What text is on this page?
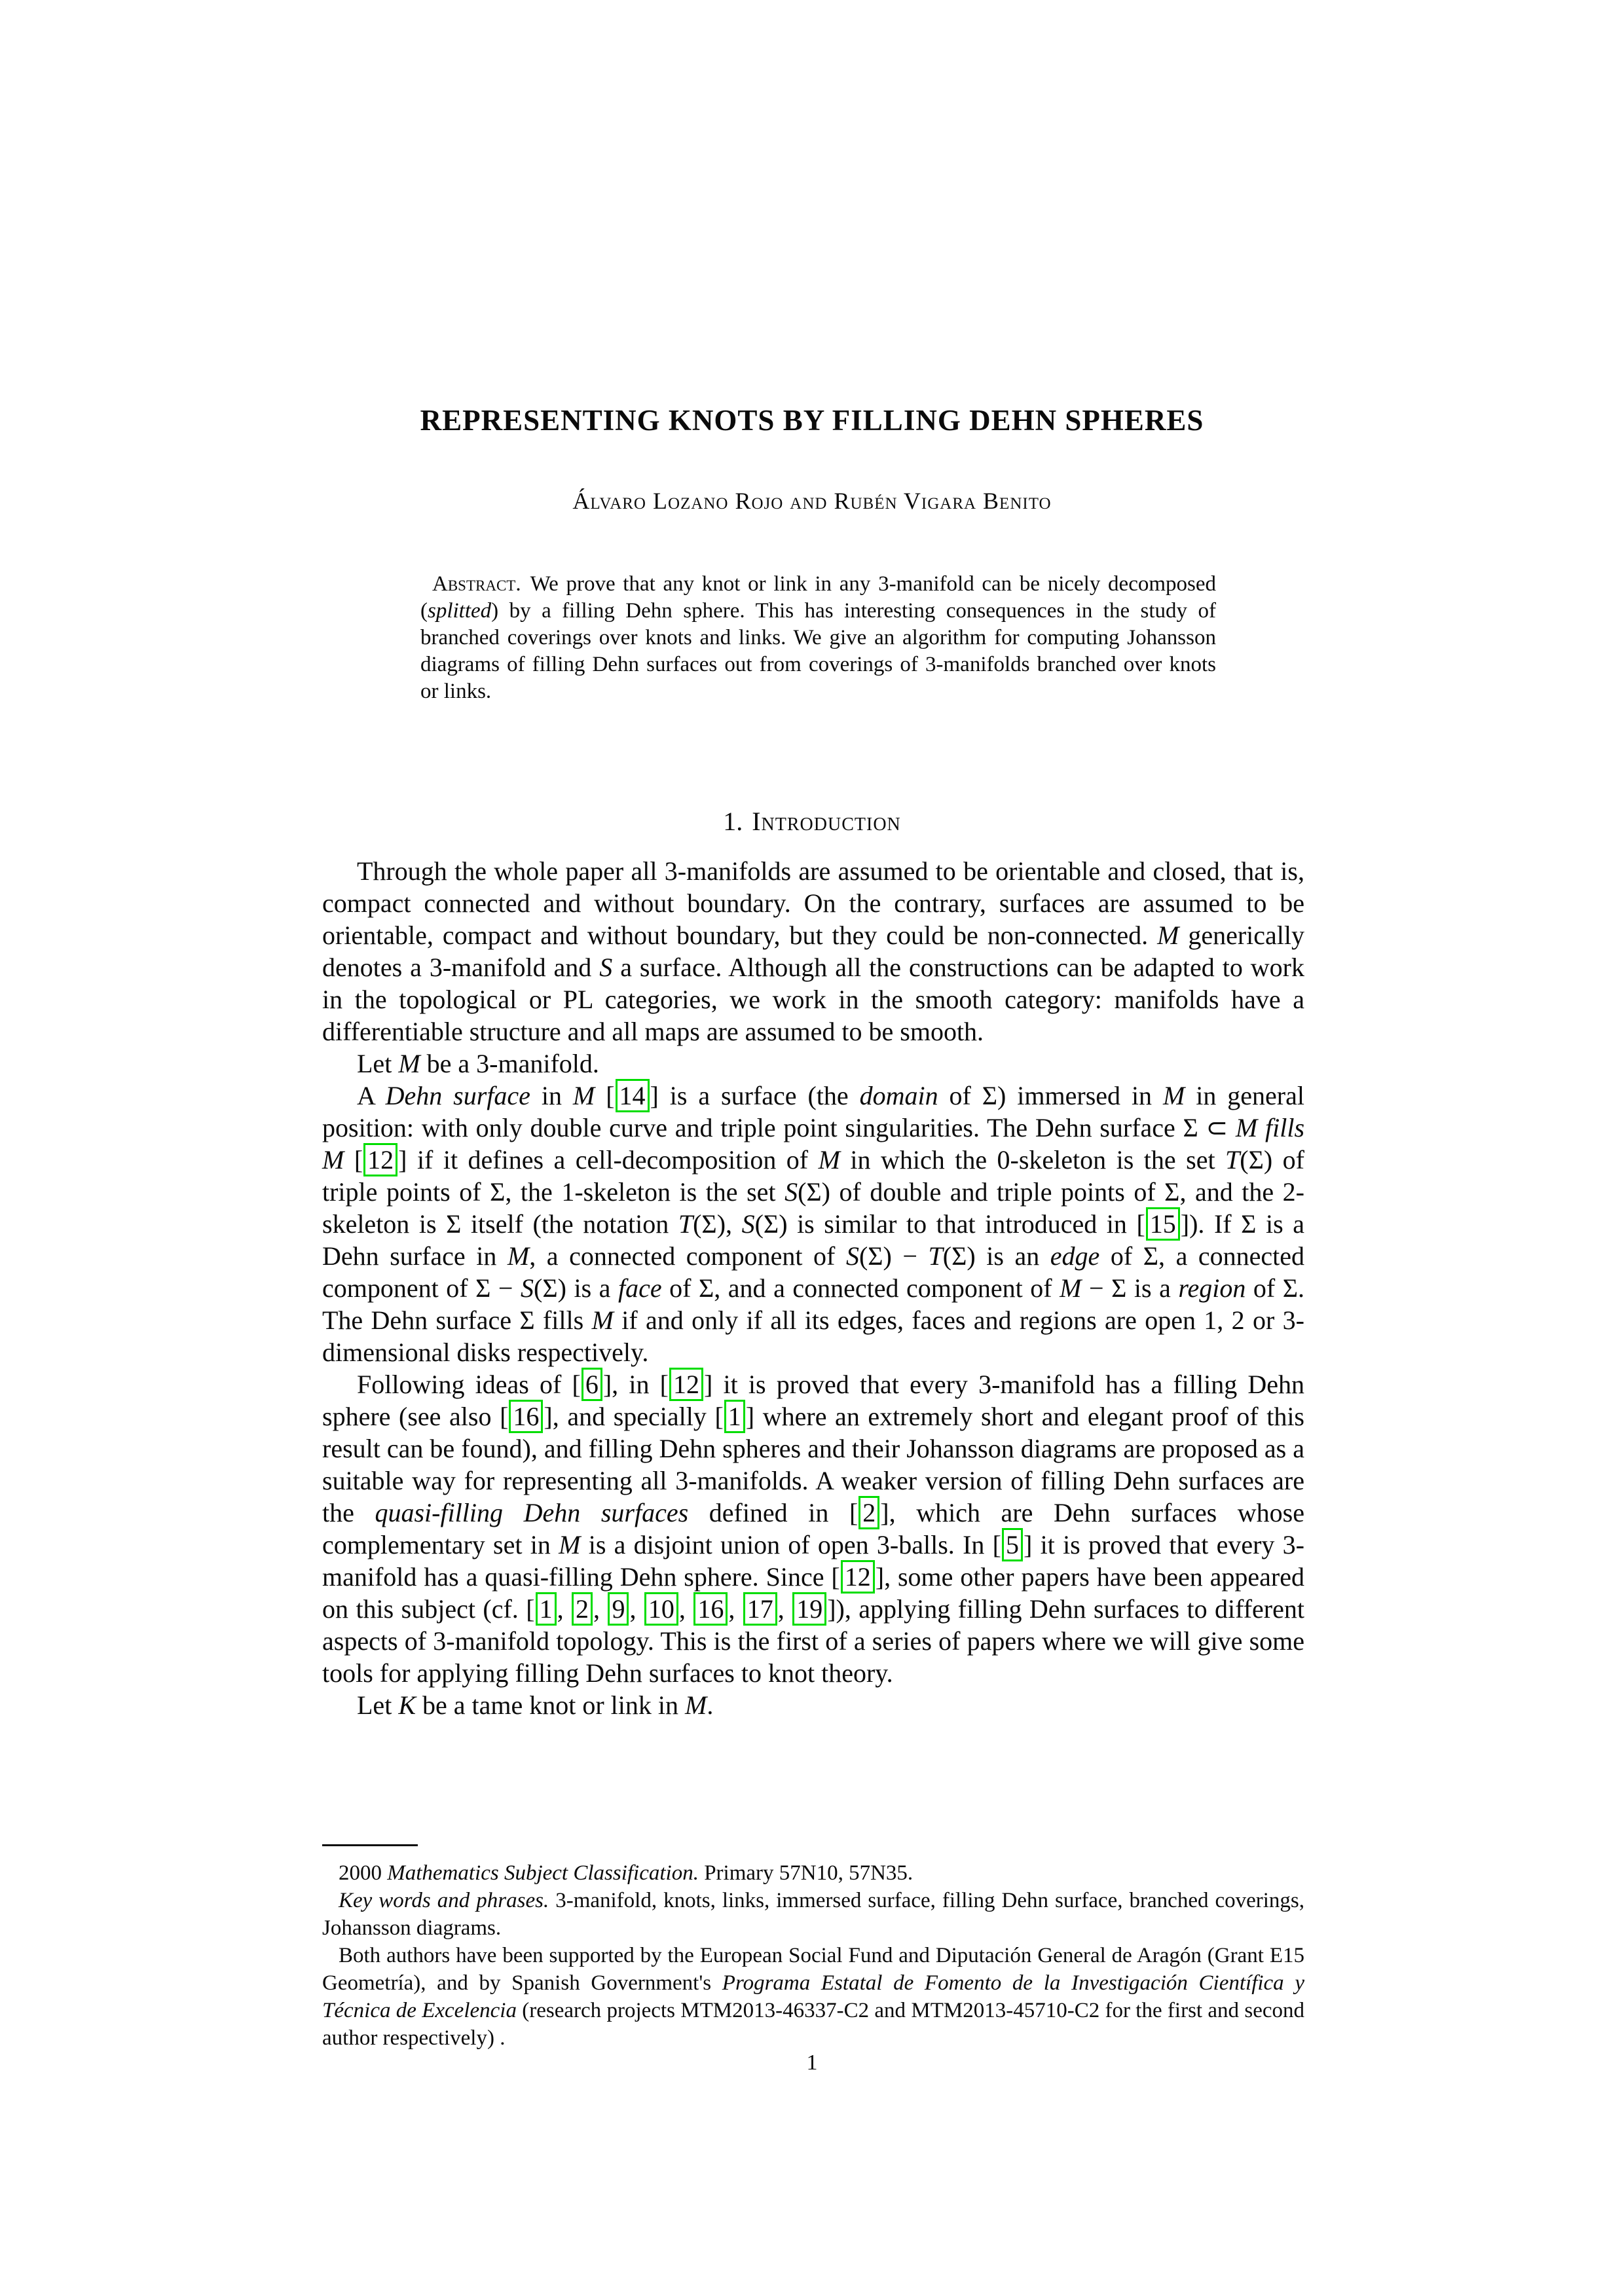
REPRESENTING KNOTS BY FILLING DEHN SPHERES
Álvaro Lozano Rojo and Rubén Vigara Benito
Abstract. We prove that any knot or link in any 3-manifold can be nicely decomposed (splitted) by a filling Dehn sphere. This has interesting consequences in the study of branched coverings over knots and links. We give an algorithm for computing Johansson diagrams of filling Dehn surfaces out from coverings of 3-manifolds branched over knots or links.
1. Introduction

Through the whole paper all 3-manifolds are assumed to be orientable and closed, that is, compact connected and without boundary. On the contrary, surfaces are assumed to be orientable, compact and without boundary, but they could be non-connected. M generically denotes a 3-manifold and S a surface. Although all the constructions can be adapted to work in the topological or PL categories, we work in the smooth category: manifolds have a differentiable structure and all maps are assumed to be smooth.

Let M be a 3-manifold.

A Dehn surface in M [ 14 ] is a surface (the domain of Σ) immersed in M in general position: with only double curve and triple point singularities. The Dehn surface Σ ⊂ M fills M [ 12 ] if it defines a cell-decomposition of M in which the 0-skeleton is the set T(Σ) of triple points of Σ, the 1-skeleton is the set S(Σ) of double and triple points of Σ, and the 2-skeleton is Σ itself (the notation T(Σ), S(Σ) is similar to that introduced in [ 15 ]). If Σ is a Dehn surface in M, a connected component of S(Σ) − T(Σ) is an edge of Σ, a connected component of Σ − S(Σ) is a face of Σ, and a connected component of M − Σ is a region of Σ. The Dehn surface Σ fills M if and only if all its edges, faces and regions are open 1, 2 or 3-dimensional disks respectively.

Following ideas of [ 6 ], in [ 12 ] it is proved that every 3-manifold has a filling Dehn sphere (see also [ 16 ], and specially [ 1 ] where an extremely short and elegant proof of this result can be found), and filling Dehn spheres and their Johansson diagrams are proposed as a suitable way for representing all 3-manifolds. A weaker version of filling Dehn surfaces are the quasi-filling Dehn surfaces defined in [ 2 ], which are Dehn surfaces whose complementary set in M is a disjoint union of open 3-balls. In [ 5 ] it is proved that every 3-manifold has a quasi-filling Dehn sphere. Since [ 12 ], some other papers have been appeared on this subject (cf. [ 1 , 2 , 9 , 10 , 16 , 17 , 19 ]), applying filling Dehn surfaces to different aspects of 3-manifold topology. This is the first of a series of papers where we will give some tools for applying filling Dehn surfaces to knot theory.

Let K be a tame knot or link in M.

2000 Mathematics Subject Classification. Primary 57N10, 57N35.

Key words and phrases. 3-manifold, knots, links, immersed surface, filling Dehn surface, branched coverings, Johansson diagrams.

Both authors have been supported by the European Social Fund and Diputación General de Aragón (Grant E15 Geometría), and by Spanish Government's Programa Estatal de Fomento de la Investigación Científica y Técnica de Excelencia (research projects MTM2013-46337-C2 and MTM2013-45710-C2 for the first and second author respectively) .

1
